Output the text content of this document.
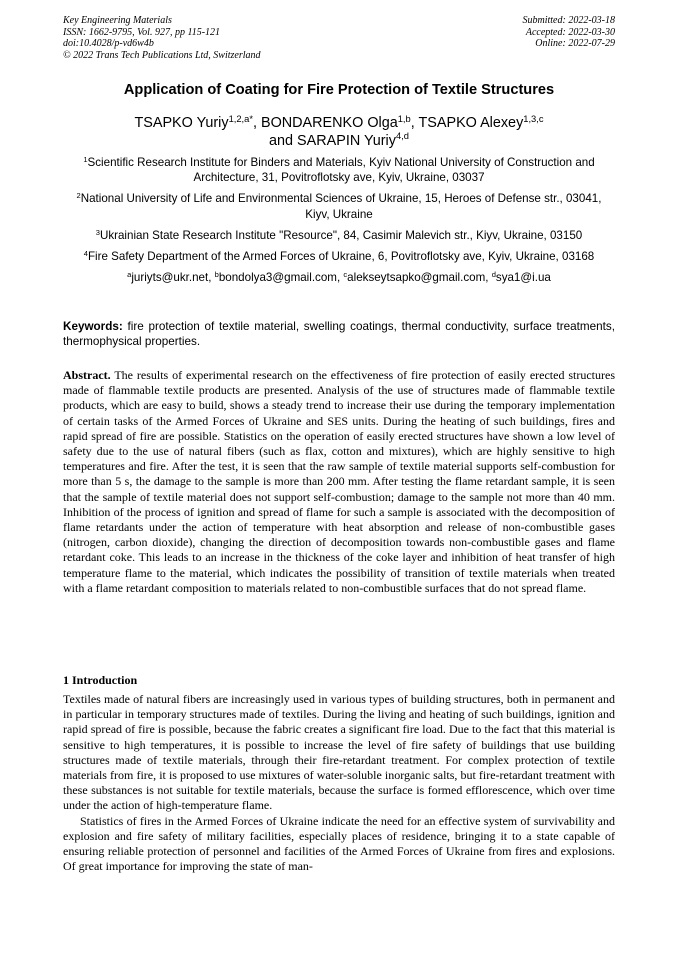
Key Engineering Materials
ISSN: 1662-9795, Vol. 927, pp 115-121
doi:10.4028/p-vd6w4b
© 2022 Trans Tech Publications Ltd, Switzerland
Submitted: 2022-03-18
Accepted: 2022-03-30
Online: 2022-07-29
Application of Coating for Fire Protection of Textile Structures
TSAPKO Yuriy$^{1,2,a*}$, BONDARENKO Olga$^{1,b}$, TSAPKO Alexey$^{1,3,c}$
and SARAPIN Yuriy$^{4,d}$
$^1$Scientific Research Institute for Binders and Materials, Kyiv National University of Construction and Architecture, 31, Povitroflotsky ave, Kyiv, Ukraine, 03037
$^2$National University of Life and Environmental Sciences of Ukraine, 15, Heroes of Defense str., 03041, Kiyv, Ukraine
$^3$Ukrainian State Research Institute "Resource", 84, Casimir Malevich str., Kiyv, Ukraine, 03150
$^4$Fire Safety Department of the Armed Forces of Ukraine, 6, Povitroflotsky ave, Kyiv, Ukraine, 03168
$^a$juriyts@ukr.net, $^b$bondolya3@gmail.com, $^c$alekseytsapko@gmail.com, $^d$sya1@i.ua
Keywords: fire protection of textile material, swelling coatings, thermal conductivity, surface treatments, thermophysical properties.
Abstract. The results of experimental research on the effectiveness of fire protection of easily erected structures made of flammable textile products are presented. Analysis of the use of structures made of flammable textile products, which are easy to build, shows a steady trend to increase their use during the temporary implementation of certain tasks of the Armed Forces of Ukraine and SES units. During the heating of such buildings, fires and rapid spread of fire are possible. Statistics on the operation of easily erected structures have shown a low level of safety due to the use of natural fibers (such as flax, cotton and mixtures), which are highly sensitive to high temperatures and fire. After the test, it is seen that the raw sample of textile material supports self-combustion for more than 5 s, the damage to the sample is more than 200 mm. After testing the flame retardant sample, it is seen that the sample of textile material does not support self-combustion; damage to the sample not more than 40 mm. Inhibition of the process of ignition and spread of flame for such a sample is associated with the decomposition of flame retardants under the action of temperature with heat absorption and release of non-combustible gases (nitrogen, carbon dioxide), changing the direction of decomposition towards non-combustible gases and flame retardant coke. This leads to an increase in the thickness of the coke layer and inhibition of heat transfer of high temperature flame to the material, which indicates the possibility of transition of textile materials when treated with a flame retardant composition to materials related to non-combustible surfaces that do not spread flame.
1 Introduction

Textiles made of natural fibers are increasingly used in various types of building structures, both in permanent and in particular in temporary structures made of textiles. During the living and heating of such buildings, ignition and rapid spread of fire is possible, because the fabric creates a significant fire load. Due to the fact that this material is sensitive to high temperatures, it is possible to increase the level of fire safety of buildings that use building structures made of textile materials, through their fire-retardant treatment. For complex protection of textile materials from fire, it is proposed to use mixtures of water-soluble inorganic salts, but fire-retardant treatment with these substances is not suitable for textile materials, because the surface is formed efflorescence, which over time under the action of high-temperature flame.

Statistics of fires in the Armed Forces of Ukraine indicate the need for an effective system of survivability and explosion and fire safety of military facilities, especially places of residence, bringing it to a state capable of ensuring reliable protection of personnel and facilities of the Armed Forces of Ukraine from fires and explosions. Of great importance for improving the state of man-
